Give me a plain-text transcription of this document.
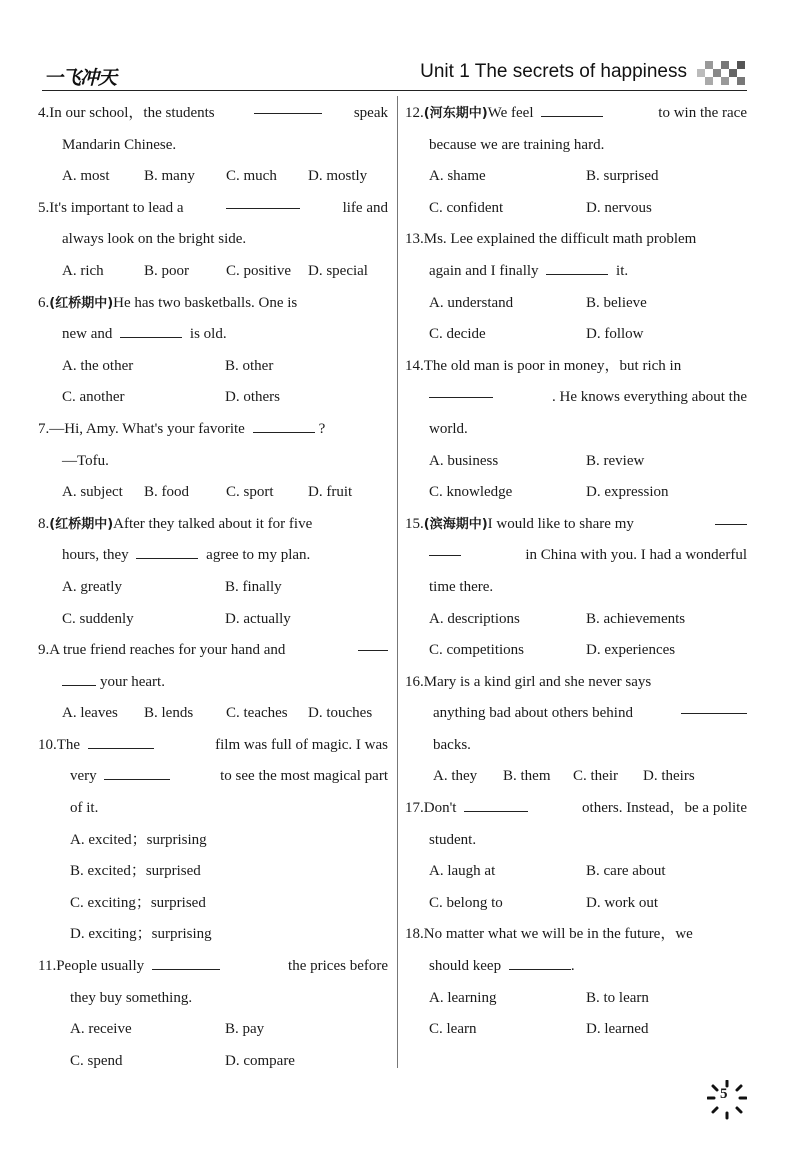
一飞冲天	Unit 1 The secrets of happiness
4.In our school，the students	speak
Mandarin Chinese.
A. most	B. many	C. much	D. mostly
5.It's important to lead a	life and
always look on the bright side.
A. rich	B. poor	C. positive	D. special
6.(红桥期中)He has two basketballs. One is
new and	is old.
A. the other	B. other
C. another	D. others
7.—Hi, Amy. What's your favorite	?
—Tofu.
A. subject	B. food	C. sport	D. fruit
8.(红桥期中)After they talked about it for five
hours, they	agree to my plan.
A. greatly	B. finally
C. suddenly	D. actually
9.A true friend reaches for your hand and
your heart.
A. leaves	B. lends	C. teaches	D. touches
10.The	film was full of magic. I was
very	to see the most magical part
of it.
A. excited；surprising
B. excited；surprised
C. exciting；surprised
D. exciting；surprising
11.People usually	the prices before
they buy something.
A. receive	B. pay
C. spend	D. compare
12.(河东期中)We feel	to win the race
because we are training hard.
A. shame	B. surprised
C. confident	D. nervous
13.Ms. Lee explained the difficult math problem
again and I finally	it.
A. understand	B. believe
C. decide	D. follow
14.The old man is poor in money，but rich in
. He knows everything about the
world.
A. business	B. review
C. knowledge	D. expression
15.(滨海期中)I would like to share my
in China with you. I had a wonderful
time there.
A. descriptions	B. achievements
C. competitions	D. experiences
16.Mary is a kind girl and she never says
anything bad about others behind
backs.
A. they	B. them	C. their	D. theirs
17.Don't	others. Instead，be a polite
student.
A. laugh at	B. care about
C. belong to	D. work out
18.No matter what we will be in the future，we
should keep	.
A. learning	B. to learn
C. learn	D. learned
5
